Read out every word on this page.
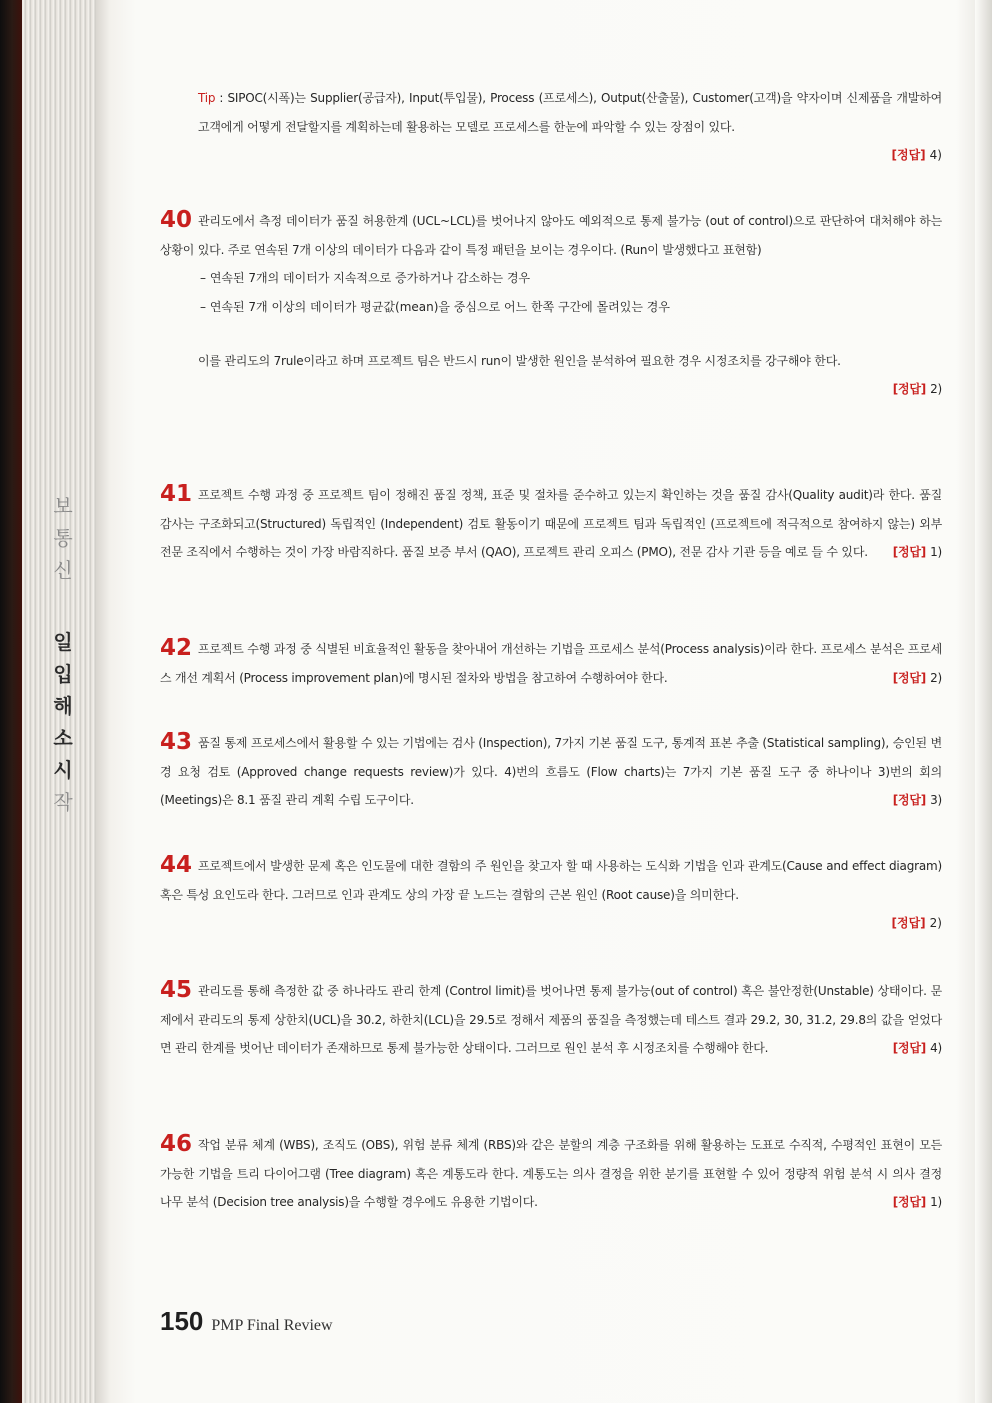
보
통
신
일
입
해
소
시
작

Tip : SIPOC(시폭)는 Supplier(공급자), Input(투입물), Process (프로세스), Output(산출물), Customer(고객)을 약자이며 신제품을 개발하여 고객에게 어떻게 전달할지를 계획하는데 활용하는 모델로 프로세스를 한눈에 파악할 수 있는 장점이 있다.

[정답] 4)

40 관리도에서 측정 데이터가 품질 허용한계 (UCL~LCL)를 벗어나지 않아도 예외적으로 통제 불가능 (out of control)으로 판단하여 대처해야 하는 상황이 있다. 주로 연속된 7개 이상의 데이터가 다음과 같이 특정 패턴을 보이는 경우이다. (Run이 발생했다고 표현함)

– 연속된 7개의 데이터가 지속적으로 증가하거나 감소하는 경우
– 연속된 7개 이상의 데이터가 평균값(mean)을 중심으로 어느 한쪽 구간에 몰려있는 경우

[정답] 2)
이를 관리도의 7rule이라고 하며 프로젝트 팀은 반드시 run이 발생한 원인을 분석하여 필요한 경우 시정조치를 강구해야 한다.

41 프로젝트 수행 과정 중 프로젝트 팀이 정해진 품질 정책, 표준 및 절차를 준수하고 있는지 확인하는 것을 품질 감사(Quality audit)라 한다. 품질 감사는 구조화되고(Structured) 독립적인 (Independent) 검토 활동이기 때문에 프로젝트 팀과 독립적인 (프로젝트에 적극적으로 참여하지 않는) 외부 전문 조직에서 수행하는 것이 가장 바람직하다. 품질 보증 부서 (QAO), 프로젝트 관리 오피스 (PMO), 전문 감사 기관 등을 예로 들 수 있다. [정답] 1)

42 프로젝트 수행 과정 중 식별된 비효율적인 활동을 찾아내어 개선하는 기법을 프로세스 분석(Process analysis)이라 한다. 프로세스 분석은 프로세스 개선 계획서 (Process improvement plan)에 명시된 절차와 방법을 참고하여 수행하여야 한다.	[정답] 2)

43 품질 통제 프로세스에서 활용할 수 있는 기법에는 검사 (Inspection), 7가지 기본 품질 도구, 통계적 표본 추출 (Statistical sampling), 승인된 변경 요청 검토 (Approved change requests review)가 있다. 4)번의 흐름도 (Flow charts)는 7가지 기본 품질 도구 중 하나이나 3)번의 회의 (Meetings)은 8.1 품질 관리 계획 수립 도구이다.	[정답] 3)

44 프로젝트에서 발생한 문제 혹은 인도물에 대한 결함의 주 원인을 찾고자 할 때 사용하는 도식화 기법을 인과 관계도(Cause and effect diagram) 혹은 특성 요인도라 한다. 그러므로 인과 관계도 상의 가장 끝 노드는 결함의 근본 원인 (Root cause)을 의미한다.

[정답] 2)

45 관리도를 통해 측정한 값 중 하나라도 관리 한계 (Control limit)를 벗어나면 통제 불가능(out of control) 혹은 불안정한(Unstable) 상태이다. 문제에서 관리도의 통제 상한치(UCL)을 30.2, 하한치(LCL)을 29.5로 정해서 제품의 품질을 측정했는데 테스트 결과 29.2, 30, 31.2, 29.8의 값을 얻었다면 관리 한계를 벗어난 데이터가 존재하므로 통제 불가능한 상태이다. 그러므로 원인 분석 후 시정조치를 수행해야 한다.	[정답] 4)

46 작업 분류 체계 (WBS), 조직도 (OBS), 위험 분류 체계 (RBS)와 같은 분할의 계층 구조화를 위해 활용하는 도표로 수직적, 수평적인 표현이 모든 가능한 기법을 트리 다이어그램 (Tree diagram) 혹은 계통도라 한다. 계통도는 의사 결정을 위한 분기를 표현할 수 있어 정량적 위험 분석 시 의사 결정 나무 분석 (Decision tree analysis)을 수행할 경우에도 유용한 기법이다.	[정답] 1)

150 PMP Final Review
